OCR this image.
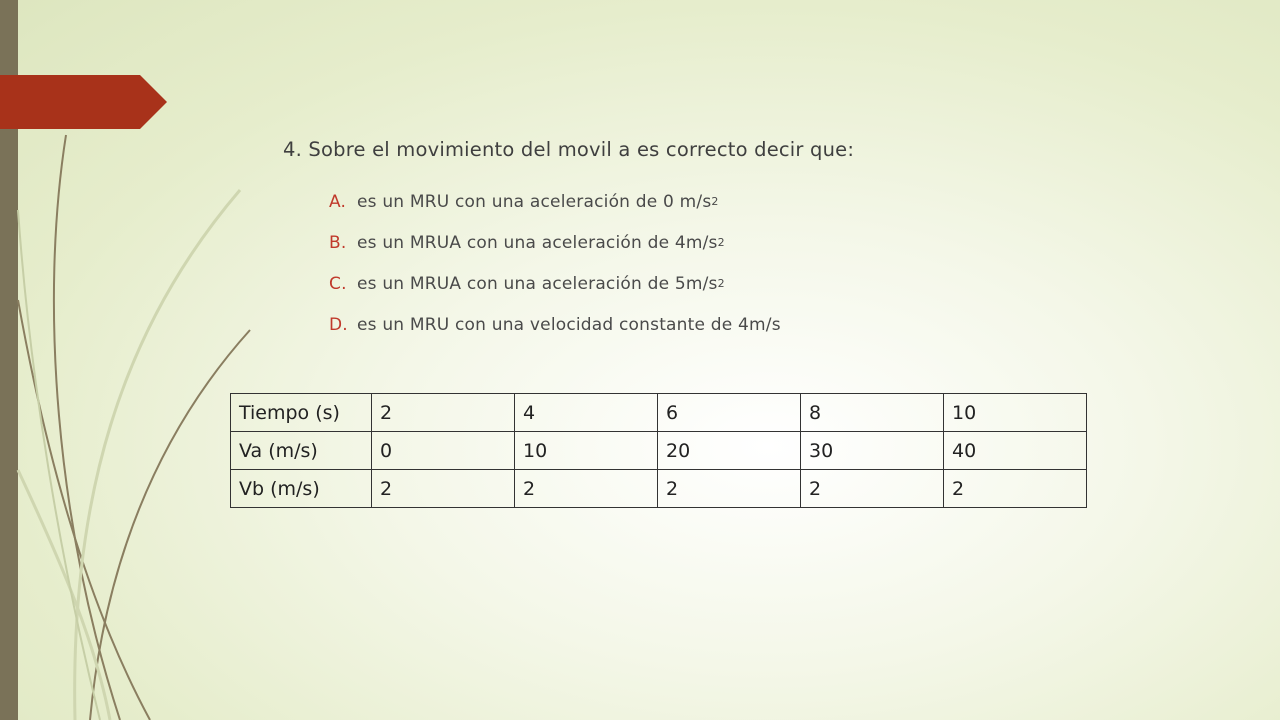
4. Sobre el movimiento del movil a es correcto decir que:
A. es un MRU con una aceleración de 0 m/s 2
B. es un MRUA con una aceleración de 4m/s 2
C. es un MRUA con una aceleración de 5m/s 2
D. es un MRU con una velocidad constante de 4m/s
Tiempo (s)	2	4	6	8	10
Va (m/s)	0	10	20	30	40
Vb (m/s)	2	2	2	2	2
